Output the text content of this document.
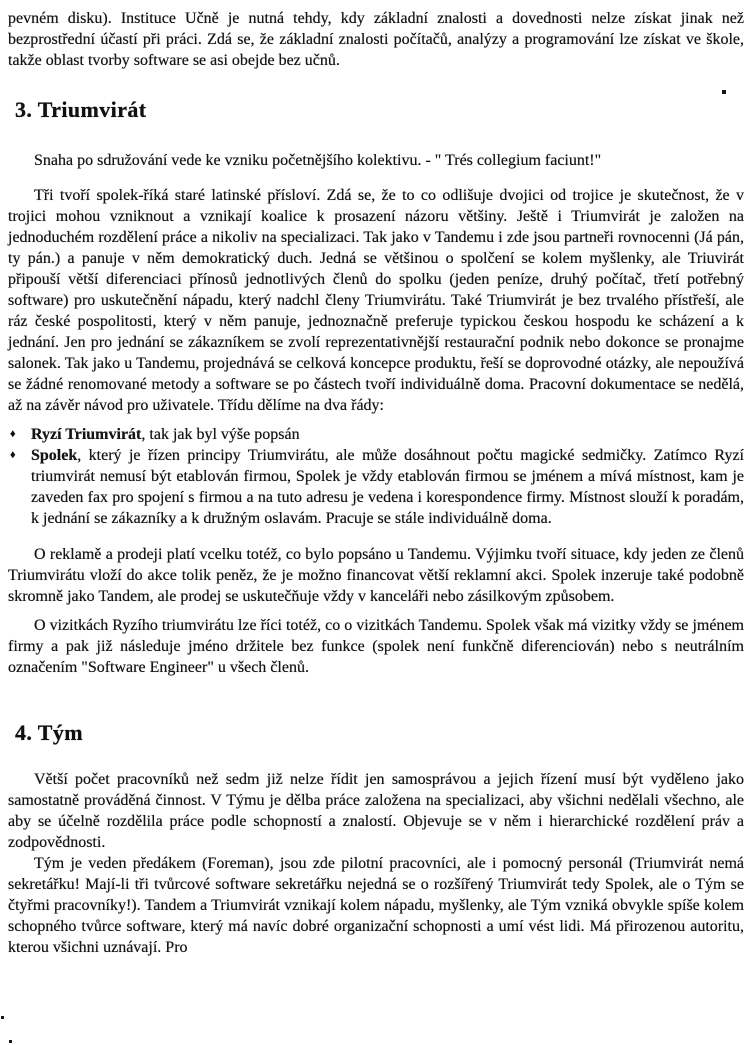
pevném disku). Instituce Učně je nutná tehdy, kdy základní znalosti a dovednosti nelze získat jinak než bezprostřední účastí při práci. Zdá se, že základní znalosti počítačů, analýzy a programování lze získat ve škole, takže oblast tvorby software se asi obejde bez učnů.

3. Triumvirát

Snaha po sdružování vede ke vzniku početnějšího kolektivu. - " Trés collegium faciunt!"

Tři tvoří spolek-říká staré latinské přísloví. Zdá se, že to co odlišuje dvojici od trojice je skutečnost, že v trojici mohou vzniknout a vznikají koalice k prosazení názoru většiny. Ještě i Triumvirát je založen na jednoduchém rozdělení práce a nikoliv na specializaci. Tak jako v Tandemu i zde jsou partneři rovnocenni (Já pán, ty pán.) a panuje v něm demokratický duch. Jedná se většinou o spolčení se kolem myšlenky, ale Triuvirát připouší větší diferenciaci přínosů jednotlivých členů do spolku (jeden peníze, druhý počítač, třetí potřebný software) pro uskutečnění nápadu, který nadchl členy Triumvirátu. Také Triumvirát je bez trvalého přístřeší, ale ráz české pospolitosti, který v něm panuje, jednoznačně preferuje typickou českou hospodu ke scházení a k jednání. Jen pro jednání se zákazníkem se zvolí reprezentativnější restaurační podnik nebo dokonce se pronajme salonek. Tak jako u Tandemu, projednává se celková koncepce produktu, řeší se doprovodné otázky, ale nepoužívá se žádné renomované metody a software se po částech tvoří individuálně doma. Pracovní dokumentace se nedělá, až na závěr návod pro uživatele. Třídu dělíme na dva řády:

♦ Ryzí Triumvirát, tak jak byl výše popsán
♦ Spolek, který je řízen principy Triumvirátu, ale může dosáhnout počtu magické sedmičky. Zatímco Ryzí triumvirát nemusí být etablován firmou, Spolek je vždy etablován firmou se jménem a mívá místnost, kam je zaveden fax pro spojení s firmou a na tuto adresu je vedena i korespondence firmy. Místnost slouží k poradám, k jednání se zákazníky a k družným oslavám. Pracuje se stále individuálně doma.

O reklamě a prodeji platí vcelku totéž, co bylo popsáno u Tandemu. Výjimku tvoří situace, kdy jeden ze členů Triumvirátu vloží do akce tolik peněz, že je možno financovat větší reklamní akci. Spolek inzeruje také podobně skromně jako Tandem, ale prodej se uskutečňuje vždy v kanceláři nebo zásilkovým způsobem.

O vizitkách Ryzího triumvirátu lze říci totéž, co o vizitkách Tandemu. Spolek však má vizitky vždy se jménem firmy a pak již následuje jméno držitele bez funkce (spolek není funkčně diferenciován) nebo s neutrálním označením "Software Engineer" u všech členů.

4. Tým

Větší počet pracovníků než sedm již nelze řídit jen samosprávou a jejich řízení musí být vyděleno jako samostatně prováděná činnost. V Týmu je dělba práce založena na specializaci, aby všichni nedělali všechno, ale aby se účelně rozdělila práce podle schopností a znalostí. Objevuje se v něm i hierarchické rozdělení práv a zodpovědnosti.

Tým je veden předákem (Foreman), jsou zde pilotní pracovníci, ale i pomocný personál (Triumvirát nemá sekretářku! Mají-li tři tvůrcové software sekretářku nejedná se o rozšířený Triumvirát tedy Spolek, ale o Tým se čtyřmi pracovníky!). Tandem a Triumvirát vznikají kolem nápadu, myšlenky, ale Tým vzniká obvykle spíše kolem schopného tvůrce software, který má navíc dobré organizační schopnosti a umí vést lidi. Má přirozenou autoritu, kterou všichni uznávají. Pro
